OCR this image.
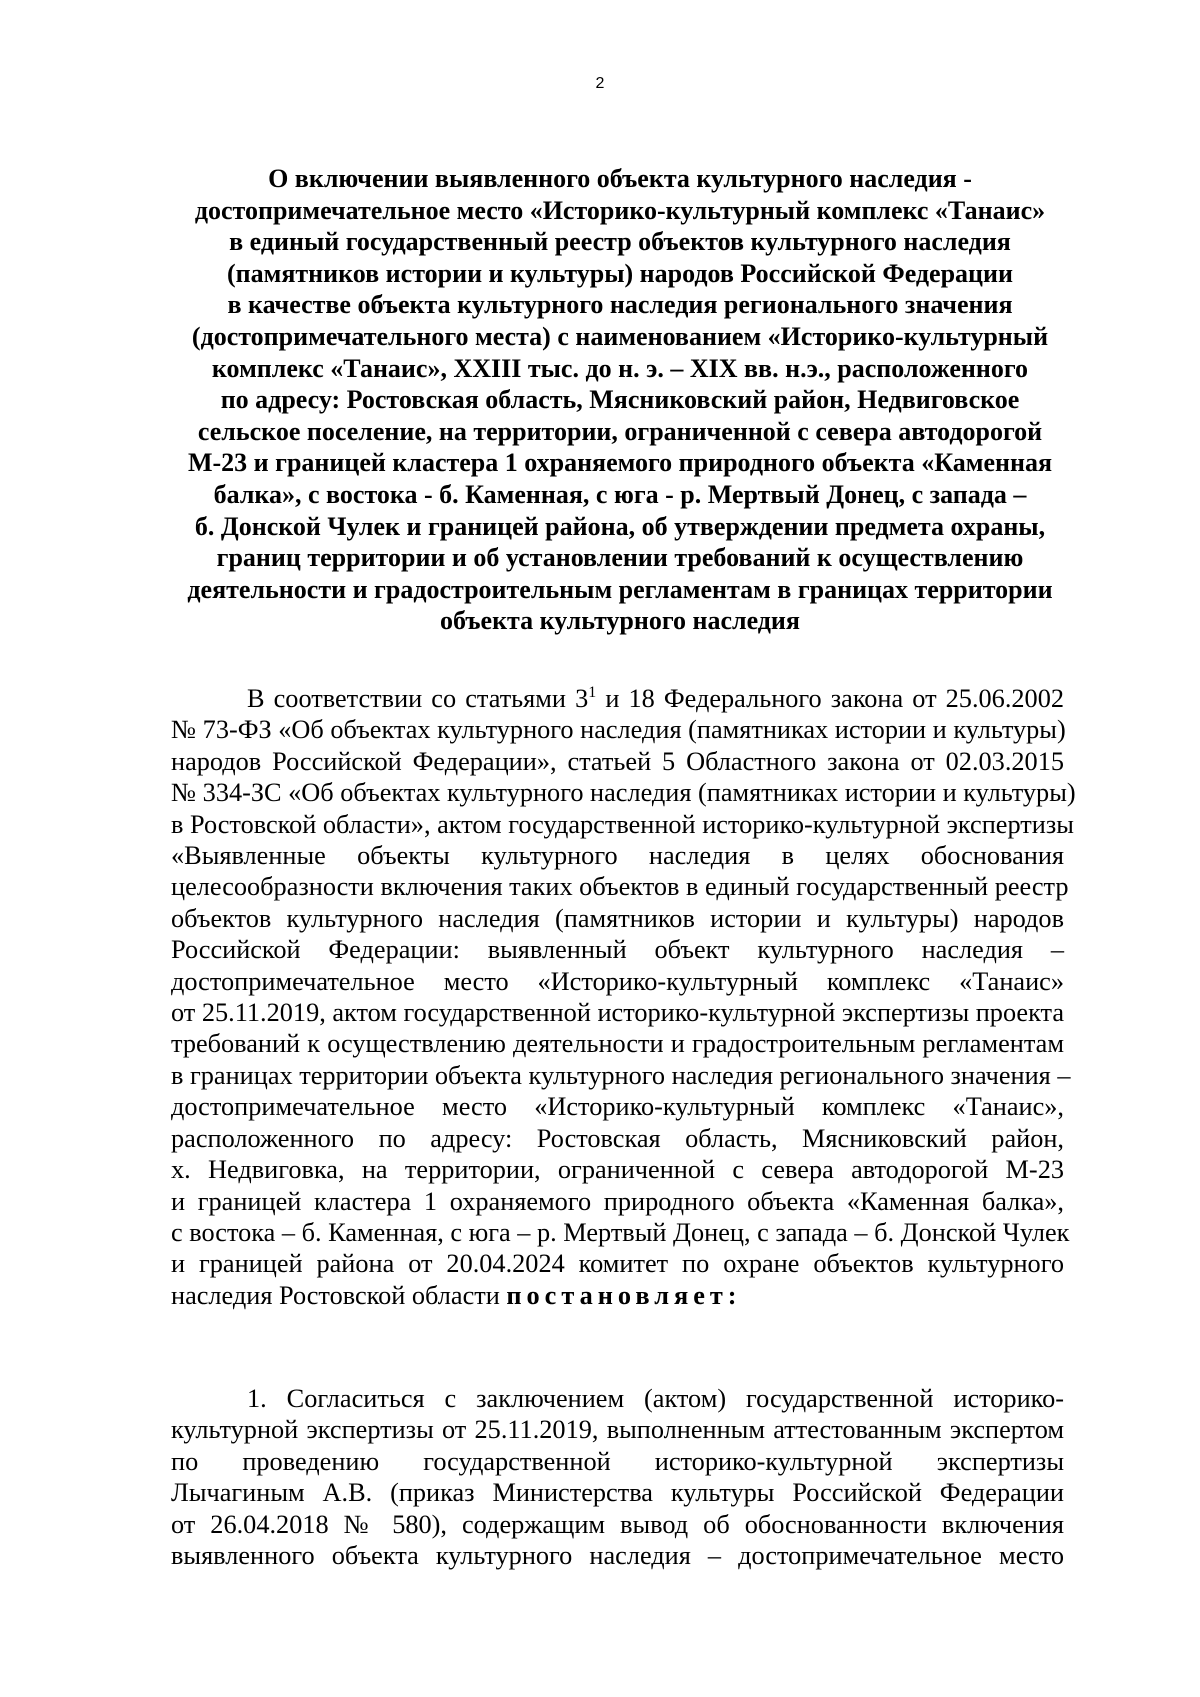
2
О включении выявленного объекта культурного наследия -
достопримечательное место «Историко-культурный комплекс «Танаис»
в единый государственный реестр объектов культурного наследия
(памятников истории и культуры) народов Российской Федерации
в качестве объекта культурного наследия регионального значения
(достопримечательного места) с наименованием «Историко-культурный
комплекс «Танаис», XXIII тыс. до н. э. – XIX вв. н.э., расположенного
по адресу: Ростовская область, Мясниковский район, Недвиговское
сельское поселение, на территории, ограниченной с севера автодорогой
М-23 и границей кластера 1 охраняемого природного объекта «Каменная
балка», с востока - б. Каменная, с юга - р. Мертвый Донец, с запада –
б. Донской Чулек и границей района, об утверждении предмета охраны,
границ территории и об установлении требований к осуществлению
деятельности и градостроительным регламентам в границах территории
объекта культурного наследия
В соответствии со статьями $3^1$ и 18 Федерального закона от 25.06.2002
№ 73-ФЗ «Об объектах культурного наследия (памятниках истории и культуры)
народов Российской Федерации», статьей 5 Областного закона от 02.03.2015
№ 334-ЗС «Об объектах культурного наследия (памятниках истории и культуры)
в Ростовской области», актом государственной историко-культурной экспертизы
«Выявленные объекты культурного наследия в целях обоснования
целесообразности включения таких объектов в единый государственный реестр
объектов культурного наследия (памятников истории и культуры) народов
Российской Федерации: выявленный объект культурного наследия –
достопримечательное место «Историко-культурный комплекс «Танаис»
от 25.11.2019, актом государственной историко-культурной экспертизы проекта
требований к осуществлению деятельности и градостроительным регламентам
в границах территории объекта культурного наследия регионального значения –
достопримечательное место «Историко-культурный комплекс «Танаис»,
расположенного по адресу: Ростовская область, Мясниковский район,
х. Недвиговка, на территории, ограниченной с севера автодорогой М-23
и границей кластера 1 охраняемого природного объекта «Каменная балка»,
с востока – б. Каменная, с юга – р. Мертвый Донец, с запада – б. Донской Чулек
и границей района от 20.04.2024 комитет по охране объектов культурного
наследия Ростовской области постановляет:
1. Согласиться с заключением (актом) государственной историко-
культурной экспертизы от 25.11.2019, выполненным аттестованным экспертом
по проведению государственной историко-культурной экспертизы
Лычагиным А.В. (приказ Министерства культуры Российской Федерации
от 26.04.2018 № 580), содержащим вывод об обоснованности включения
выявленного объекта культурного наследия – достопримечательное место
